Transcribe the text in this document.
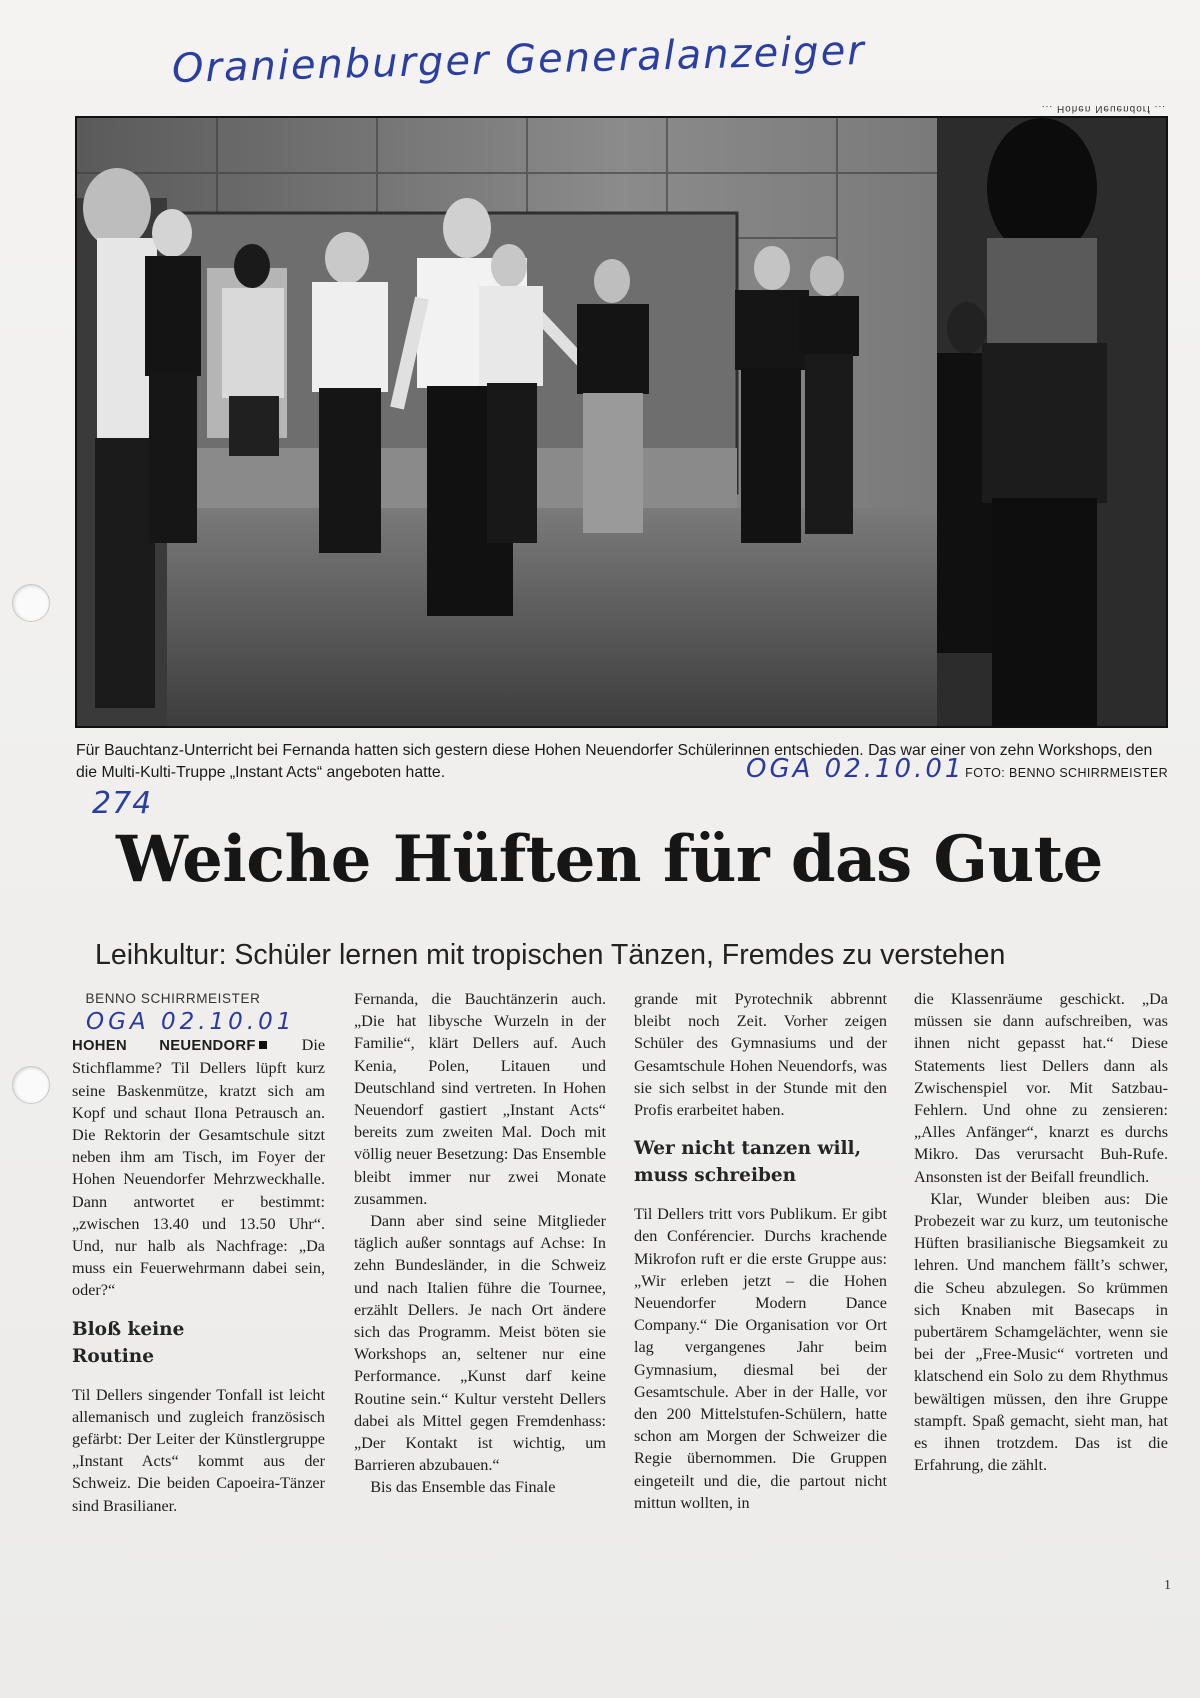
Oranienburger Generalanzeiger
... Hohen Neuendorf ...
Für Bauchtanz-Unterricht bei Fernanda hatten sich gestern diese Hohen Neuendorfer Schülerinnen entschieden. Das war einer von zehn Workshops, den die Multi-Kulti-Truppe „Instant Acts“ angeboten hatte.	OGA 02.10.01 FOTO: BENNO SCHIRRMEISTER
274
Weiche Hüften für das Gute
Leihkultur: Schüler lernen mit tropischen Tänzen, Fremdes zu verstehen

BENNO SCHIRRMEISTER

OGA 02.10.01

HOHEN NEUENDORF	Die Stichflamme? Til Dellers lüpft kurz seine Baskenmütze, kratzt sich am Kopf und schaut Ilona Petrausch an. Die Rektorin der Gesamtschule sitzt neben ihm am Tisch, im Foyer der Hohen Neuendorfer Mehrzweckhalle. Dann antwortet er bestimmt: „zwischen 13.40 und 13.50 Uhr“. Und, nur halb als Nachfrage: „Da muss ein Feuerwehrmann dabei sein, oder?“

Bloß keine
Routine

Til Dellers singender Tonfall ist leicht allemanisch und zugleich französisch gefärbt: Der Leiter der Künstlergruppe „Instant Acts“ kommt aus der Schweiz. Die beiden Capoeira-Tänzer sind Brasilianer.

Fernanda, die Bauchtänzerin auch. „Die hat libysche Wurzeln in der Familie“, klärt Dellers auf. Auch Kenia, Polen, Litauen und Deutschland sind vertreten. In Hohen Neuendorf gastiert „Instant Acts“ bereits zum zweiten Mal. Doch mit völlig neuer Besetzung: Das Ensemble bleibt immer nur zwei Monate zusammen.

Dann aber sind seine Mitglieder täglich außer sonntags auf Achse: In zehn Bundesländer, in die Schweiz und nach Italien führe die Tournee, erzählt Dellers. Je nach Ort ändere sich das Programm. Meist böten sie Workshops an, seltener nur eine Performance. „Kunst darf keine Routine sein.“ Kultur versteht Dellers dabei als Mittel gegen Fremdenhass: „Der Kontakt ist wichtig, um Barrieren abzubauen.“

Bis das Ensemble das Finale

grande mit Pyrotechnik abbrennt bleibt noch Zeit. Vorher zeigen Schüler des Gymnasiums und der Gesamtschule Hohen Neuendorfs, was sie sich selbst in der Stunde mit den Profis erarbeitet haben.

Wer nicht tanzen will,
muss schreiben

Til Dellers tritt vors Publikum. Er gibt den Conférencier. Durchs krachende Mikrofon ruft er die erste Gruppe aus: „Wir erleben jetzt – die Hohen Neuendorfer Modern Dance Company.“ Die Organisation vor Ort lag vergangenes Jahr beim Gymnasium, diesmal bei der Gesamtschule. Aber in der Halle, vor den 200 Mittelstufen-Schülern, hatte schon am Morgen der Schweizer die Regie übernommen. Die Gruppen eingeteilt und die, die partout nicht mittun wollten, in

die Klassenräume geschickt. „Da müssen sie dann aufschreiben, was ihnen nicht gepasst hat.“ Diese Statements liest Dellers dann als Zwischenspiel vor. Mit Satzbau-Fehlern. Und ohne zu zensieren: „Alles Anfänger“, knarzt es durchs Mikro. Das verursacht Buh-Rufe. Ansonsten ist der Beifall freundlich.

Klar, Wunder bleiben aus: Die Probezeit war zu kurz, um teutonische Hüften brasilianische Biegsamkeit zu lehren. Und manchem fällt’s schwer, die Scheu abzulegen. So krümmen sich Knaben mit Basecaps in pubertärem Schamgelächter, wenn sie bei der „Free-Music“ vortreten und klatschend ein Solo zu dem Rhythmus bewältigen müssen, den ihre Gruppe stampft. Spaß gemacht, sieht man, hat es ihnen trotzdem. Das ist die Erfahrung, die zählt.

1
